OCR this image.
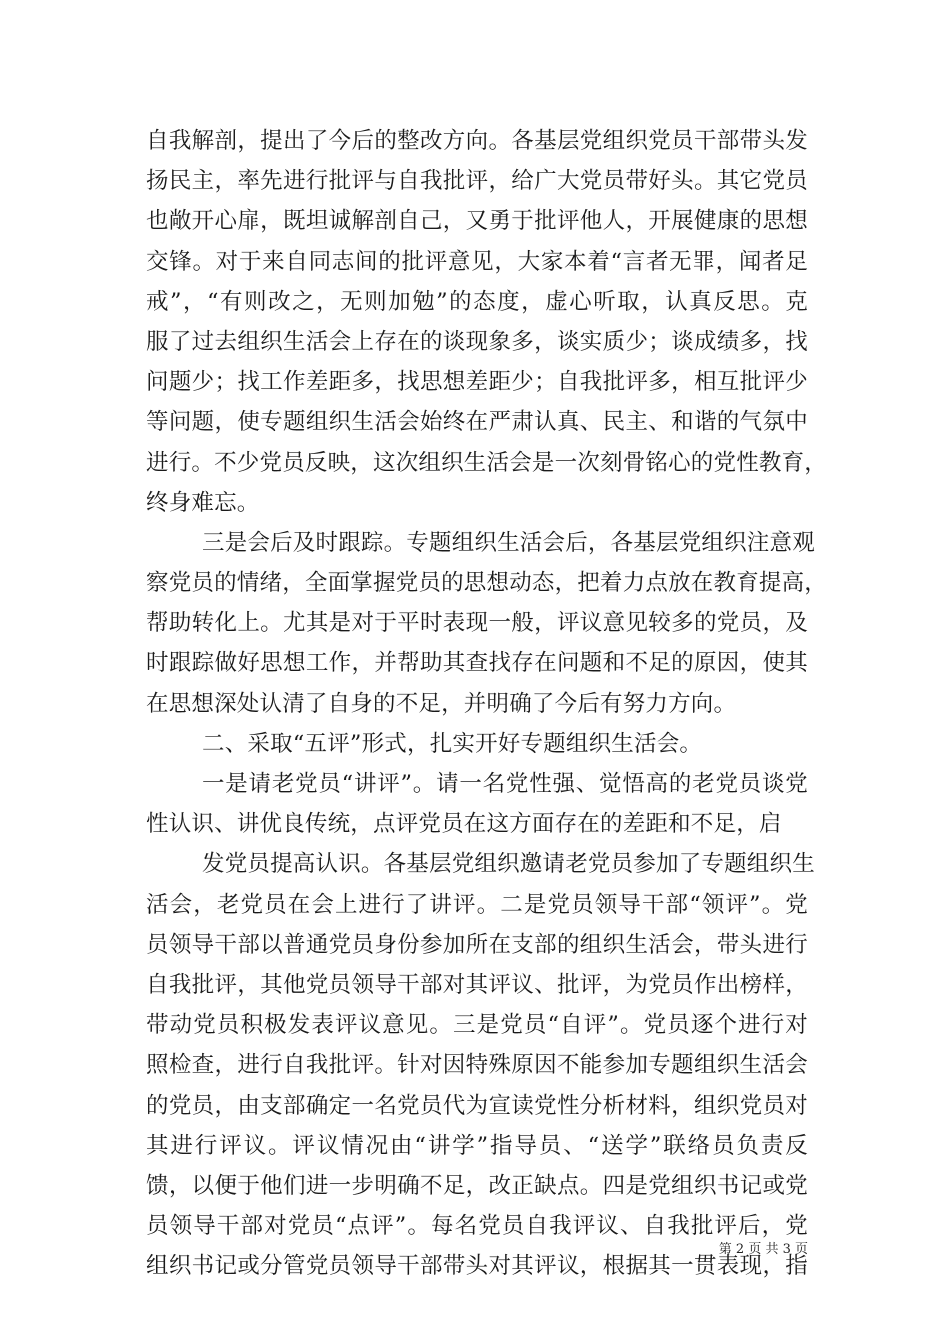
自我解剖，提出了今后的整改方向。各基层党组织党员干部带头发
扬民主，率先进行批评与自我批评，给广大党员带好头。其它党员
也敞开心扉，既坦诚解剖自己，又勇于批评他人，开展健康的思想
交锋。对于来自同志间的批评意见，大家本着“言者无罪，闻者足
戒”，“有则改之，无则加勉”的态度，虚心听取，认真反思。克
服了过去组织生活会上存在的谈现象多，谈实质少；谈成绩多，找
问题少；找工作差距多，找思想差距少；自我批评多，相互批评少
等问题，使专题组织生活会始终在严肃认真、民主、和谐的气氛中
进行。不少党员反映，这次组织生活会是一次刻骨铭心的党性教育，
终身难忘。
三是会后及时跟踪。专题组织生活会后，各基层党组织注意观
察党员的情绪，全面掌握党员的思想动态，把着力点放在教育提高，
帮助转化上。尤其是对于平时表现一般，评议意见较多的党员，及
时跟踪做好思想工作，并帮助其查找存在问题和不足的原因，使其
在思想深处认清了自身的不足，并明确了今后有努力方向。
二、采取“五评”形式，扎实开好专题组织生活会。
一是请老党员“讲评”。请一名党性强、觉悟高的老党员谈党
性认识、讲优良传统，点评党员在这方面存在的差距和不足，启
发党员提高认识。各基层党组织邀请老党员参加了专题组织生
活会，老党员在会上进行了讲评。二是党员领导干部“领评”。党
员领导干部以普通党员身份参加所在支部的组织生活会，带头进行
自我批评，其他党员领导干部对其评议、批评，为党员作出榜样，
带动党员积极发表评议意见。三是党员“自评”。党员逐个进行对
照检查，进行自我批评。针对因特殊原因不能参加专题组织生活会
的党员，由支部确定一名党员代为宣读党性分析材料，组织党员对
其进行评议。评议情况由“讲学”指导员、“送学”联络员负责反
馈，以便于他们进一步明确不足，改正缺点。四是党组织书记或党
员领导干部对党员“点评”。每名党员自我评议、自我批评后，党
组织书记或分管党员领导干部带头对其评议，根据其一贯表现，指
第 2 页 共 3 页
